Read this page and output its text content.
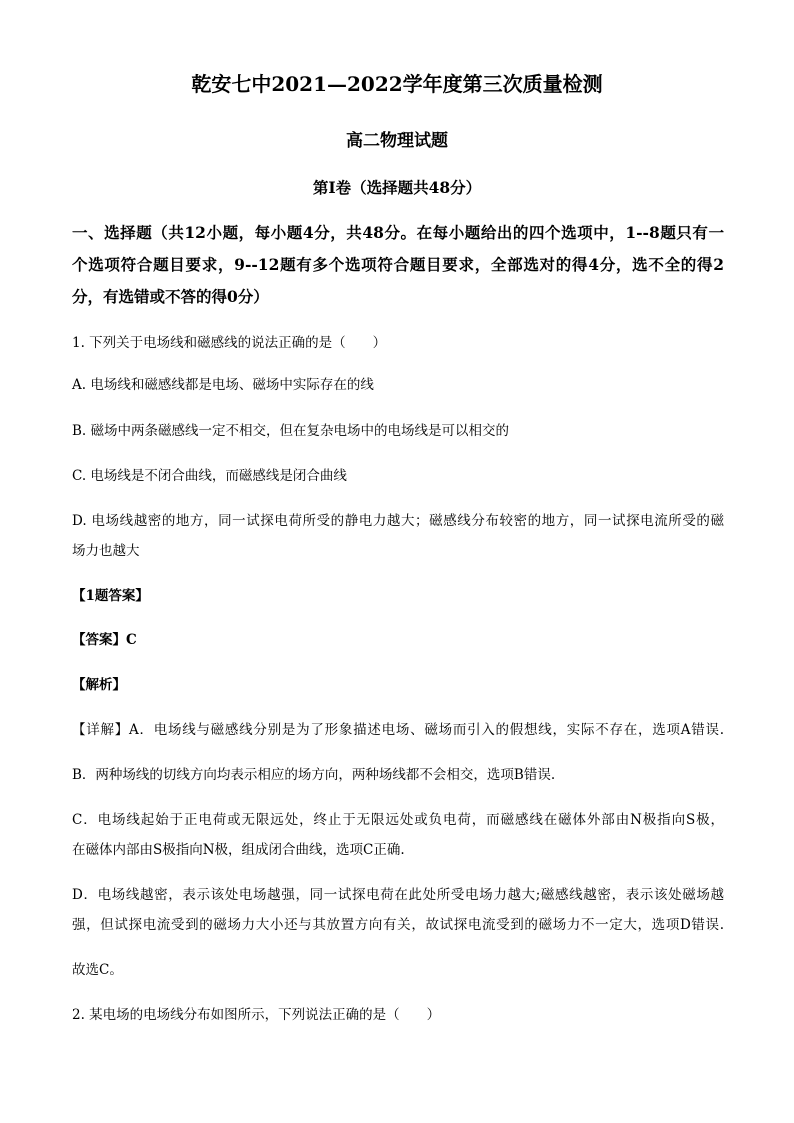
乾安七中2021—2022学年度第三次质量检测
高二物理试题
第I卷（选择题共48分）
一、选择题（共12小题，每小题4分，共48分。在每小题给出的四个选项中，1--8题只有一
个选项符合题目要求，9--12题有多个选项符合题目要求，全部选对的得4分，选不全的得2
分，有选错或不答的得0分）
1. 下列关于电场线和磁感线的说法正确的是（　　）
A. 电场线和磁感线都是电场、磁场中实际存在的线
B. 磁场中两条磁感线一定不相交，但在复杂电场中的电场线是可以相交的
C. 电场线是不闭合曲线，而磁感线是闭合曲线
D. 电场线越密的地方，同一试探电荷所受的静电力越大；磁感线分布较密的地方，同一试探电流所受的磁
场力也越大
【1题答案】
【答案】C
【解析】
【详解】A．电场线与磁感线分别是为了形象描述电场、磁场而引入的假想线，实际不存在，选项A错误.
B．两种场线的切线方向均表示相应的场方向，两种场线都不会相交，选项B错误.
C．电场线起始于正电荷或无限远处，终止于无限远处或负电荷，而磁感线在磁体外部由N极指向S极，
在磁体内部由S极指向N极，组成闭合曲线，选项C正确.
D．电场线越密，表示该处电场越强，同一试探电荷在此处所受电场力越大;磁感线越密，表示该处磁场越
强，但试探电流受到的磁场力大小还与其放置方向有关，故试探电流受到的磁场力不一定大，选项D错误.
故选C。
2. 某电场的电场线分布如图所示，下列说法正确的是（　　）
